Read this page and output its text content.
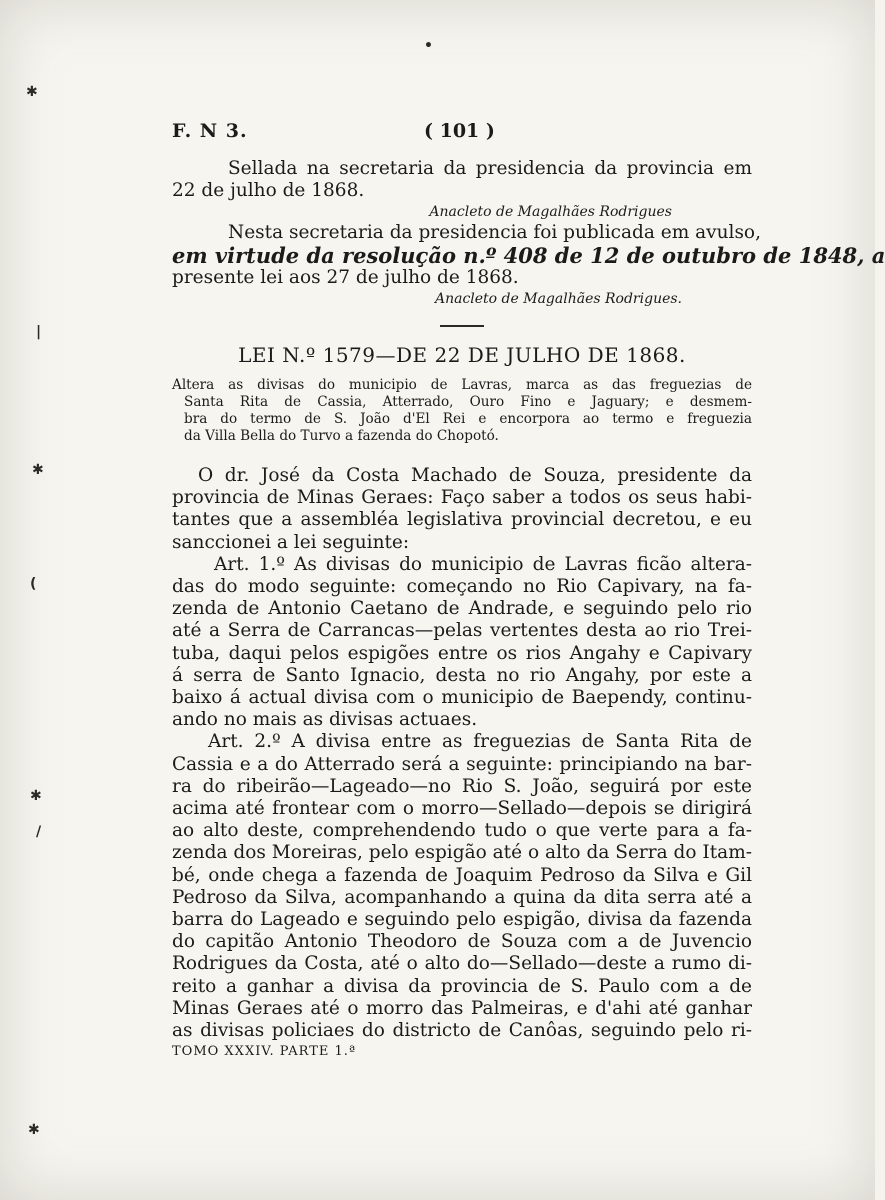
•
✱
|
✱
(
✱
/
✱
F. N 3.	( 101 )
Sellada na secretaria da presidencia da provincia em
22 de julho de 1868.
Anacleto de Magalhães Rodrigues
Nesta secretaria da presidencia foi publicada em avulso,
em virtude da resolução n.º 408 de 12 de outubro de 1848, a
presente lei aos 27 de julho de 1868.
Anacleto de Magalhães Rodrigues.
LEI N.º 1579—DE 22 DE JULHO DE 1868.
Altera as divisas do municipio de Lavras, marca as das freguezias de
Santa Rita de Cassia, Atterrado, Ouro Fino e Jaguary; e desmem-
bra do termo de S. João d'El Rei e encorpora ao termo e freguezia
da Villa Bella do Turvo a fazenda do Chopotó.
O dr. José da Costa Machado de Souza, presidente da
provincia de Minas Geraes: Faço saber a todos os seus habi-
tantes que a assembléa legislativa provincial decretou, e eu
sanccionei a lei seguinte:
Art. 1.º As divisas do municipio de Lavras ficão altera-
das do modo seguinte: começando no Rio Capivary, na fa-
zenda de Antonio Caetano de Andrade, e seguindo pelo rio
até a Serra de Carrancas—pelas vertentes desta ao rio Trei-
tuba, daqui pelos espigões entre os rios Angahy e Capivary
á serra de Santo Ignacio, desta no rio Angahy, por este a
baixo á actual divisa com o municipio de Baependy, continu-
ando no mais as divisas actuaes.
Art. 2.º A divisa entre as freguezias de Santa Rita de
Cassia e a do Atterrado será a seguinte: principiando na bar-
ra do ribeirão—Lageado—no Rio S. João, seguirá por este
acima até frontear com o morro—Sellado—depois se dirigirá
ao alto deste, comprehendendo tudo o que verte para a fa-
zenda dos Moreiras, pelo espigão até o alto da Serra do Itam-
bé, onde chega a fazenda de Joaquim Pedroso da Silva e Gil
Pedroso da Silva, acompanhando a quina da dita serra até a
barra do Lageado e seguindo pelo espigão, divisa da fazenda
do capitão Antonio Theodoro de Souza com a de Juvencio
Rodrigues da Costa, até o alto do—Sellado—deste a rumo di-
reito a ganhar a divisa da provincia de S. Paulo com a de
Minas Geraes até o morro das Palmeiras, e d'ahi até ganhar
as divisas policiaes do districto de Canôas, seguindo pelo ri-
TOMO XXXIV. PARTE 1.ª
